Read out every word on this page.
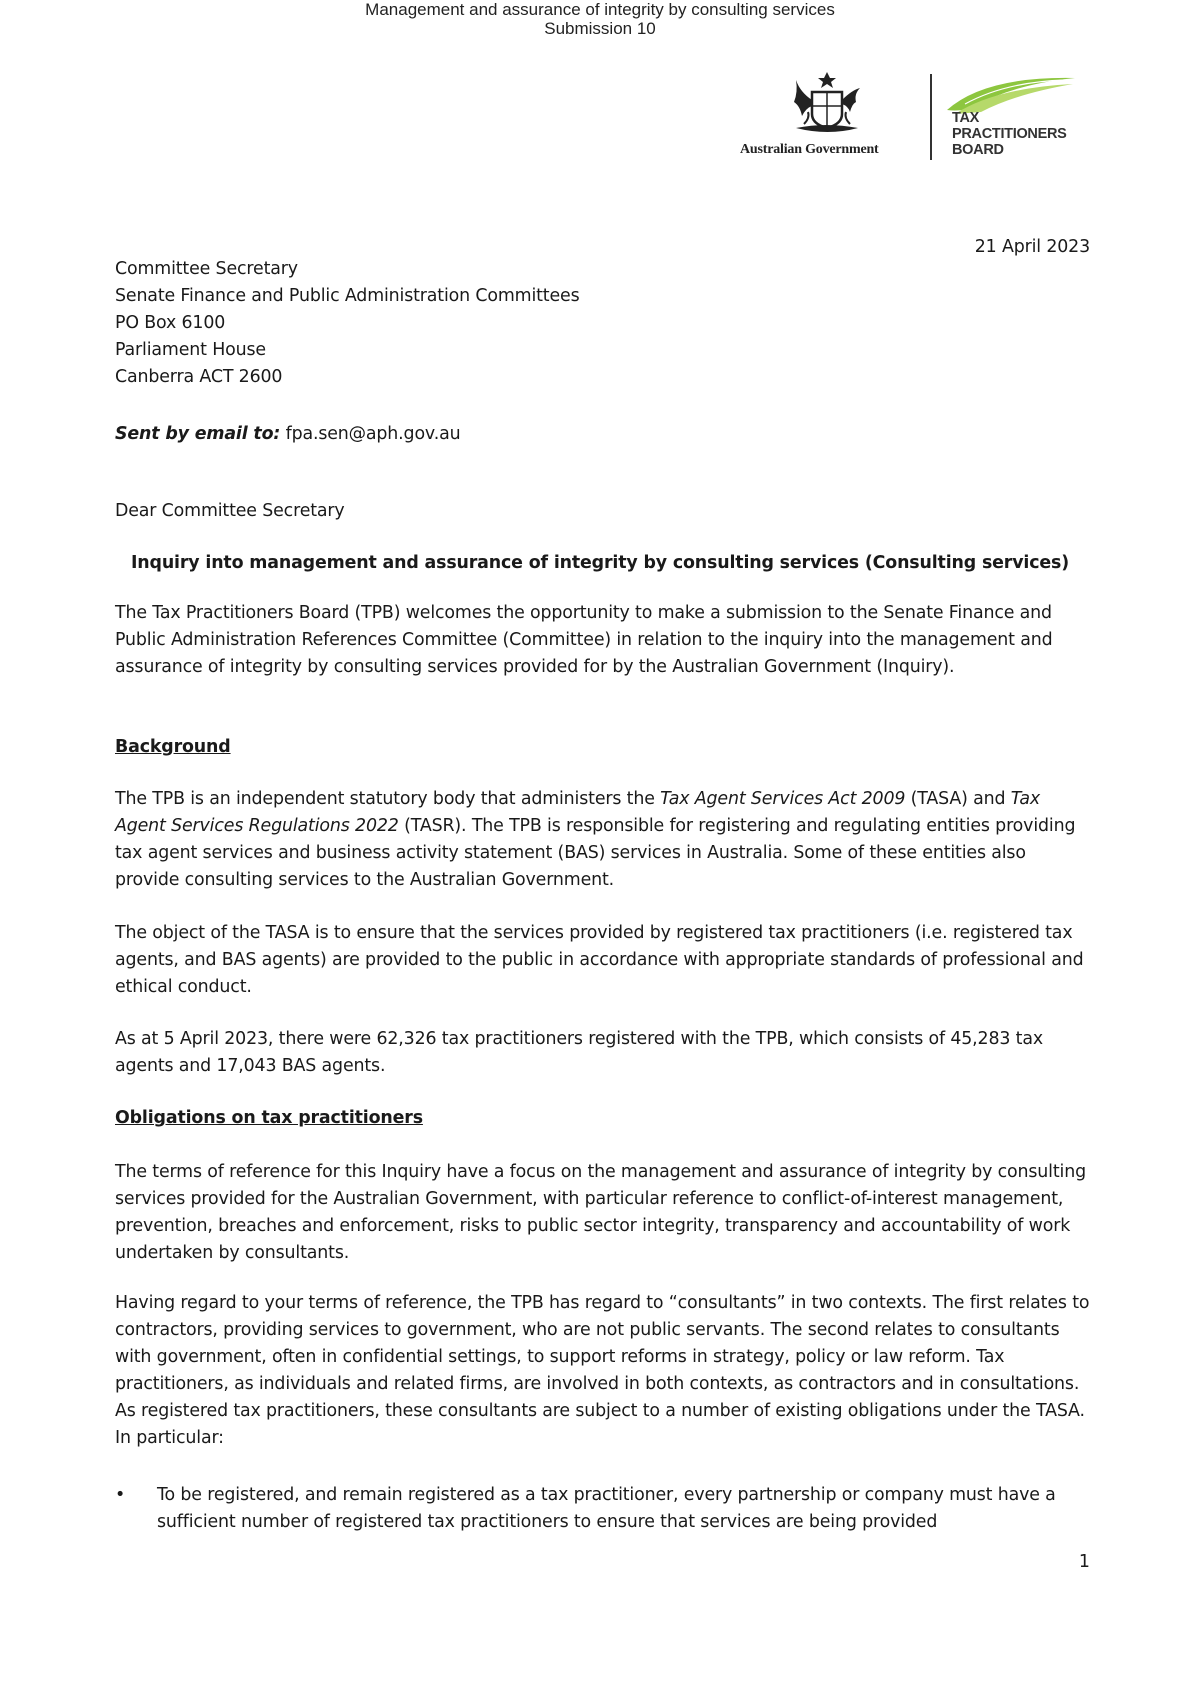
Management and assurance of integrity by consulting services
Submission 10
Australian Government
TAX
PRACTITIONERS
BOARD
21 April 2023
Committee Secretary
Senate Finance and Public Administration Committees
PO Box 6100
Parliament House
Canberra ACT 2600
Sent by email to: fpa.sen@aph.gov.au
Dear Committee Secretary
Inquiry into management and assurance of integrity by consulting services (Consulting services)
The Tax Practitioners Board (TPB) welcomes the opportunity to make a submission to the Senate Finance and Public Administration References Committee (Committee) in relation to the inquiry into the management and assurance of integrity by consulting services provided for by the Australian Government (Inquiry).
Background
The TPB is an independent statutory body that administers the Tax Agent Services Act 2009 (TASA) and Tax Agent Services Regulations 2022 (TASR). The TPB is responsible for registering and regulating entities providing tax agent services and business activity statement (BAS) services in Australia. Some of these entities also provide consulting services to the Australian Government.
The object of the TASA is to ensure that the services provided by registered tax practitioners (i.e. registered tax agents, and BAS agents) are provided to the public in accordance with appropriate standards of professional and ethical conduct.
As at 5 April 2023, there were 62,326 tax practitioners registered with the TPB, which consists of 45,283 tax agents and 17,043 BAS agents.
Obligations on tax practitioners
The terms of reference for this Inquiry have a focus on the management and assurance of integrity by consulting services provided for the Australian Government, with particular reference to conflict-of-interest management, prevention, breaches and enforcement, risks to public sector integrity, transparency and accountability of work undertaken by consultants.
Having regard to your terms of reference, the TPB has regard to “consultants” in two contexts. The first relates to contractors, providing services to government, who are not public servants. The second relates to consultants with government, often in confidential settings, to support reforms in strategy, policy or law reform. Tax practitioners, as individuals and related firms, are involved in both contexts, as contractors and in consultations. As registered tax practitioners, these consultants are subject to a number of existing obligations under the TASA. In particular:
• To be registered, and remain registered as a tax practitioner, every partnership or company must have a sufficient number of registered tax practitioners to ensure that services are being provided
1
